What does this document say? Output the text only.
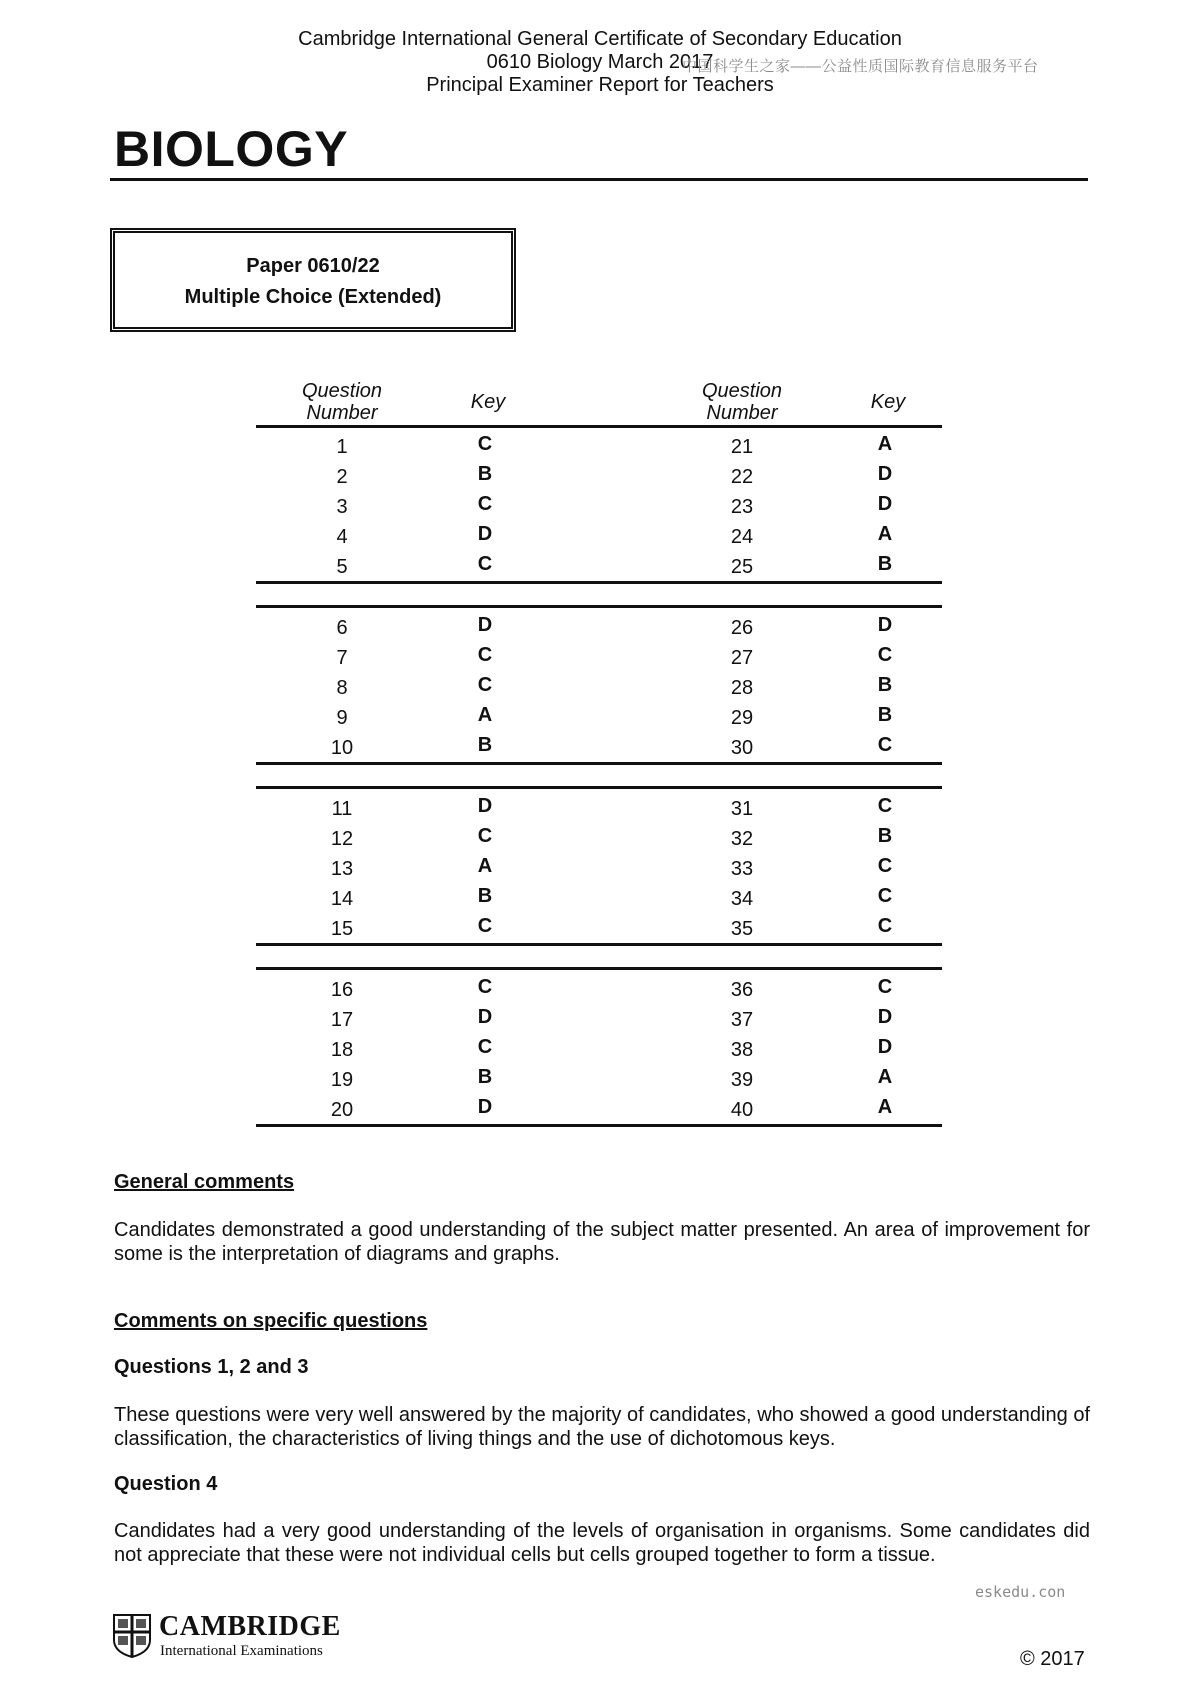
Cambridge International General Certificate of Secondary Education
0610 Biology March 2017
中国科学生之家——公益性质国际教育信息服务平台
Principal Examiner Report for Teachers
BIOLOGY
Paper 0610/22
Multiple Choice (Extended)
Question
Number	Key	Question
Number	Key
1	C	21	A
2	B	22	D
3	C	23	D
4	D	24	A
5	C	25	B
6	D	26	D
7	C	27	C
8	C	28	B
9	A	29	B
10	B	30	C
11	D	31	C
12	C	32	B
13	A	33	C
14	B	34	C
15	C	35	C
16	C	36	C
17	D	37	D
18	C	38	D
19	B	39	A
20	D	40	A
General comments
Candidates demonstrated a good understanding of the subject matter presented. An area of improvement for some is the interpretation of diagrams and graphs.
Comments on specific questions
Questions 1, 2 and 3
These questions were very well answered by the majority of candidates, who showed a good understanding of classification, the characteristics of living things and the use of dichotomous keys.
Question 4
Candidates had a very good understanding of the levels of organisation in organisms. Some candidates did not appreciate that these were not individual cells but cells grouped together to form a tissue.
eskedu.con
CAMBRIDGE
International Examinations	© 2017
